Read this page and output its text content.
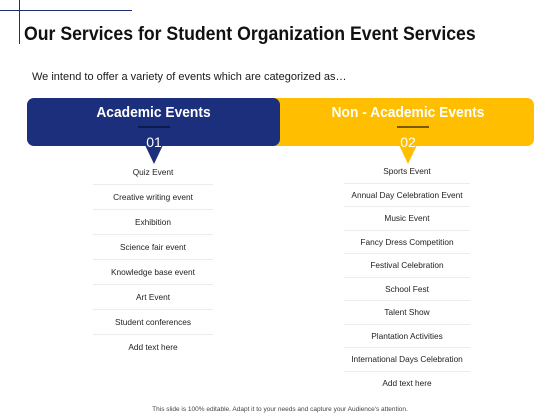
Our Services for Student Organization Event Services
We intend to offer a variety of events which are categorized as…
Academic Events	Non - Academic Events
01	02
Quiz Event
Creative writing event
Exhibition
Science fair event
Knowledge base event
Art Event
Student conferences
Add text here
Sports Event
Annual Day Celebration Event
Music Event
Fancy Dress Competition
Festival Celebration
School Fest
Talent Show
Plantation Activities
International Days Celebration
Add text here
This slide is 100% editable. Adapt it to your needs and capture your Audience's attention.
